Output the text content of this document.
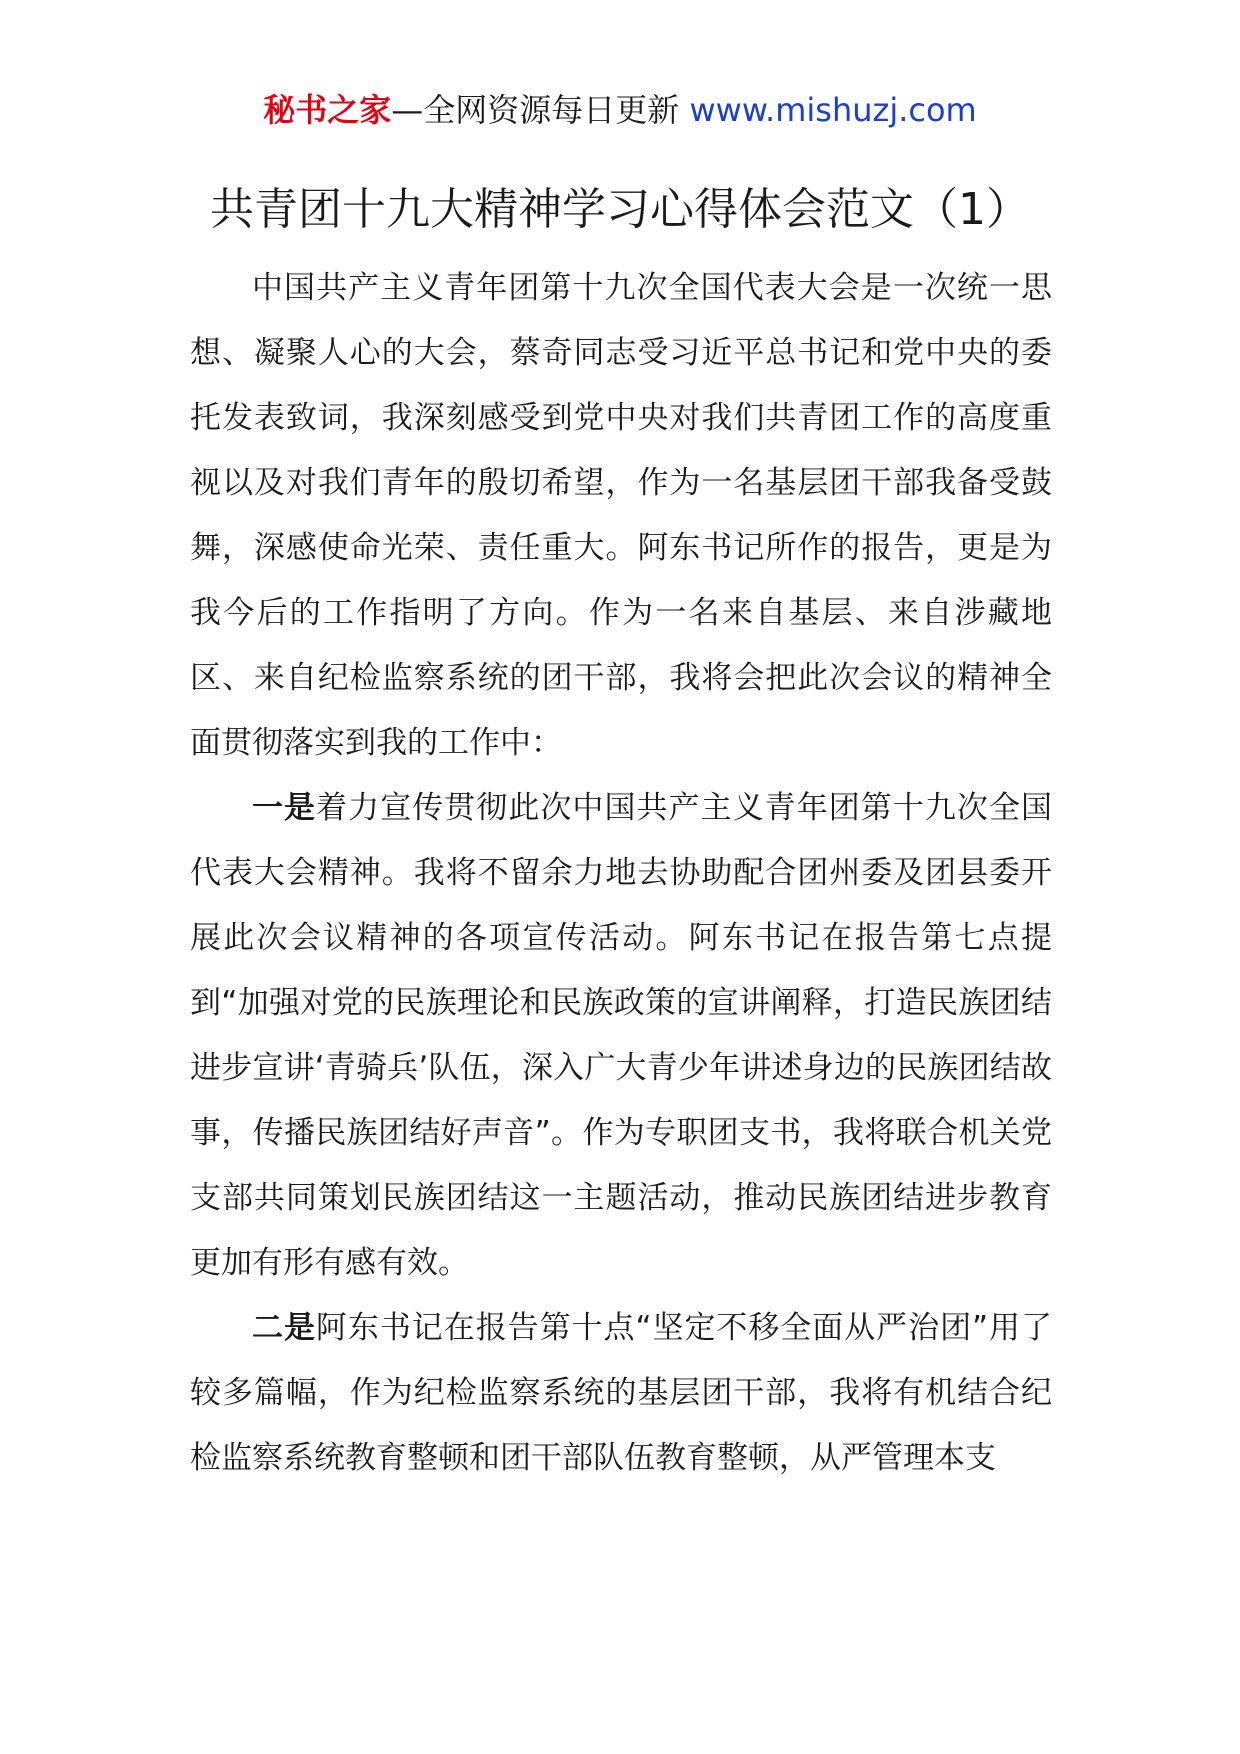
秘书之家—全网资源每日更新 www.mishuzj.com
共青团十九大精神学习心得体会范文（1）

中国共产主义青年团第十九次全国代表大会是一次统一思想、凝聚人心的大会，蔡奇同志受习近平总书记和党中央的委托发表致词，我深刻感受到党中央对我们共青团工作的高度重视以及对我们青年的殷切希望，作为一名基层团干部我备受鼓舞，深感使命光荣、责任重大。阿东书记所作的报告，更是为我今后的工作指明了方向。作为一名来自基层、来自涉藏地区、来自纪检监察系统的团干部，我将会把此次会议的精神全面贯彻落实到我的工作中：

一是着力宣传贯彻此次中国共产主义青年团第十九次全国代表大会精神。我将不留余力地去协助配合团州委及团县委开展此次会议精神的各项宣传活动。阿东书记在报告第七点提到“加强对党的民族理论和民族政策的宣讲阐释，打造民族团结进步宣讲‘青骑兵’队伍，深入广大青少年讲述身边的民族团结故事，传播民族团结好声音”。作为专职团支书，我将联合机关党支部共同策划民族团结这一主题活动，推动民族团结进步教育更加有形有感有效。

二是阿东书记在报告第十点“坚定不移全面从严治团”用了较多篇幅，作为纪检监察系统的基层团干部，我将有机结合纪检监察系统教育整顿和团干部队伍教育整顿，从严管理本支
